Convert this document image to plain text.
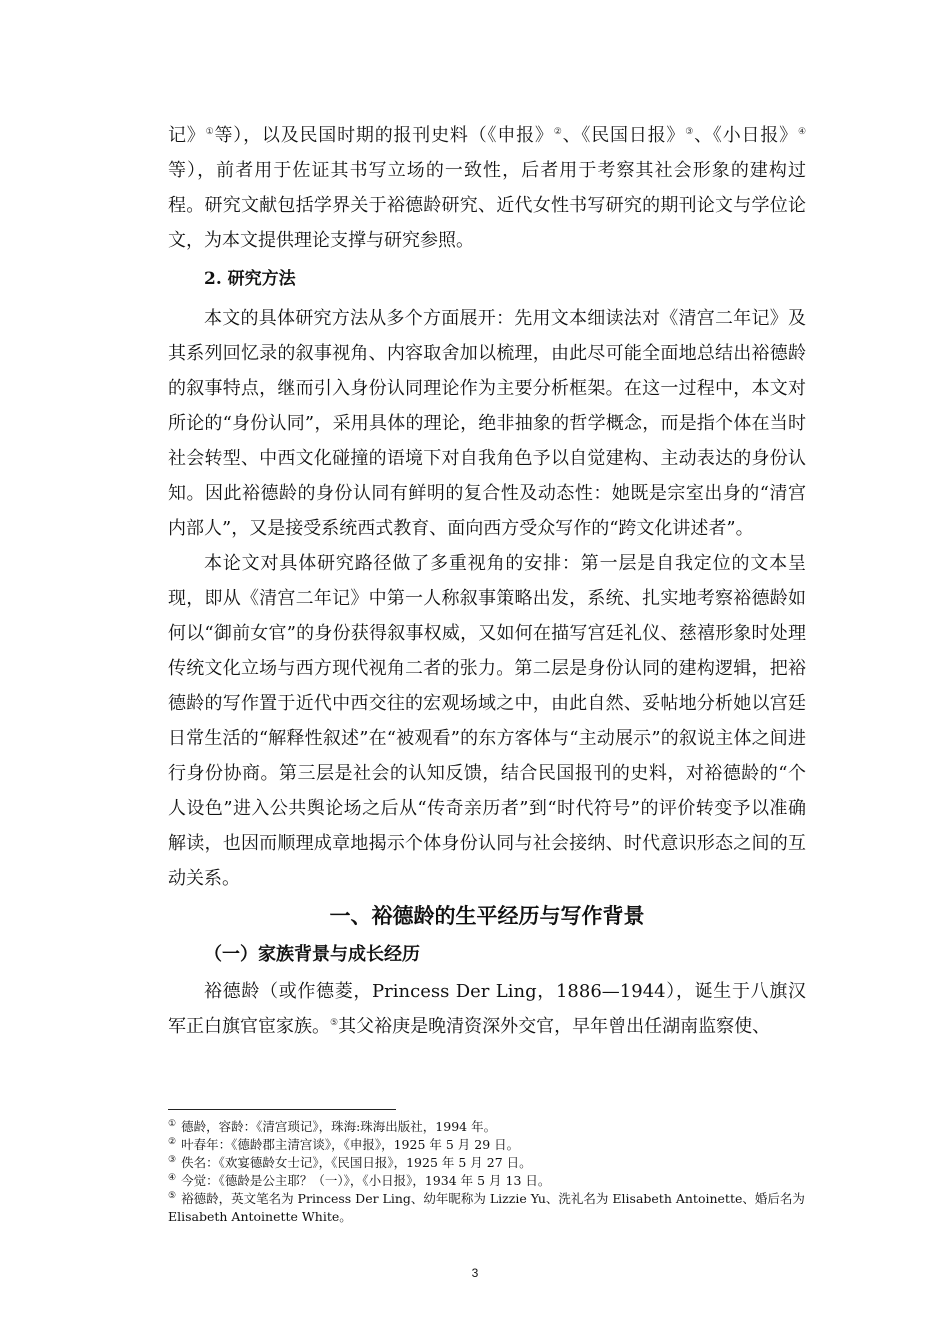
记》①等），以及民国时期的报刊史料（《申报》②、《民国日报》③、《小日报》④等），前者用于佐证其书写立场的一致性，后者用于考察其社会形象的建构过程。研究文献包括学界关于裕德龄研究、近代女性书写研究的期刊论文与学位论文，为本文提供理论支撑与研究参照。

2. 研究方法

本文的具体研究方法从多个方面展开：先用文本细读法对《清宫二年记》及其系列回忆录的叙事视角、内容取舍加以梳理，由此尽可能全面地总结出裕德龄的叙事特点，继而引入身份认同理论作为主要分析框架。在这一过程中，本文对所论的“身份认同”，采用具体的理论，绝非抽象的哲学概念，而是指个体在当时社会转型、中西文化碰撞的语境下对自我角色予以自觉建构、主动表达的身份认知。因此裕德龄的身份认同有鲜明的复合性及动态性：她既是宗室出身的“清宫内部人”，又是接受系统西式教育、面向西方受众写作的“跨文化讲述者”。

本论文对具体研究路径做了多重视角的安排：第一层是自我定位的文本呈现，即从《清宫二年记》中第一人称叙事策略出发，系统、扎实地考察裕德龄如何以“御前女官”的身份获得叙事权威，又如何在描写宫廷礼仪、慈禧形象时处理传统文化立场与西方现代视角二者的张力。第二层是身份认同的建构逻辑，把裕德龄的写作置于近代中西交往的宏观场域之中，由此自然、妥帖地分析她以宫廷日常生活的“解释性叙述”在“被观看”的东方客体与“主动展示”的叙说主体之间进行身份协商。第三层是社会的认知反馈，结合民国报刊的史料，对裕德龄的“个人设色”进入公共舆论场之后从“传奇亲历者”到“时代符号”的评价转变予以准确解读，也因而顺理成章地揭示个体身份认同与社会接纳、时代意识形态之间的互动关系。

一、裕德龄的生平经历与写作背景

（一）家族背景与成长经历

裕德龄（或作德菱，Princess Der Ling，1886—1944），诞生于八旗汉军正白旗官宦家族。⑤其父裕庚是晚清资深外交官，早年曾出任湖南监察使、

① 德龄，容龄：《清宫琐记》，珠海:珠海出版社，1994 年。

② 叶春年：《德龄郡主清宫谈》，《申报》，1925 年 5 月 29 日。

③ 佚名：《欢宴德龄女士记》，《民国日报》，1925 年 5 月 27 日。

④ 今觉：《德龄是公主耶？（一）》，《小日报》，1934 年 5 月 13 日。

⑤ 裕德龄，英文笔名为 Princess Der Ling、幼年昵称为 Lizzie Yu、洗礼名为 Elisabeth Antoinette、婚后名为 Elisabeth Antoinette White。

3
